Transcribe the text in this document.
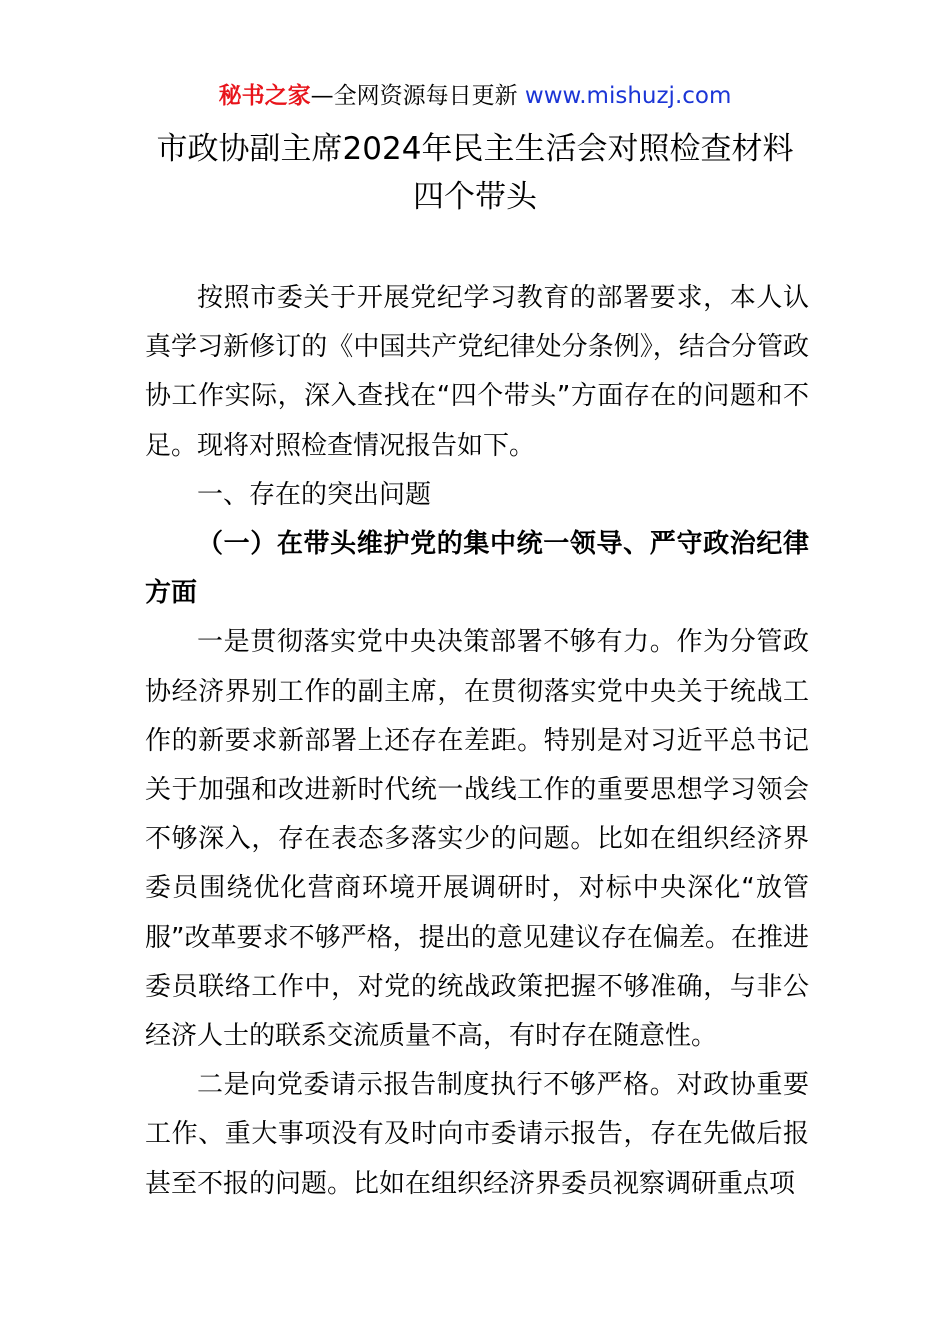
秘书之家—全网资源每日更新 www.mishuzj.com
市政协副主席2024年民主生活会对照检查材料
四个带头

按照市委关于开展党纪学习教育的部署要求，本人认真学习新修订的《中国共产党纪律处分条例》，结合分管政协工作实际，深入查找在“四个带头”方面存在的问题和不足。现将对照检查情况报告如下。

一、存在的突出问题

（一）在带头维护党的集中统一领导、严守政治纪律方面

一是贯彻落实党中央决策部署不够有力。作为分管政协经济界别工作的副主席，在贯彻落实党中央关于统战工作的新要求新部署上还存在差距。特别是对习近平总书记关于加强和改进新时代统一战线工作的重要思想学习领会不够深入，存在表态多落实少的问题。比如在组织经济界委员围绕优化营商环境开展调研时，对标中央深化“放管服”改革要求不够严格，提出的意见建议存在偏差。在推进委员联络工作中，对党的统战政策把握不够准确，与非公经济人士的联系交流质量不高，有时存在随意性。

二是向党委请示报告制度执行不够严格。对政协重要工作、重大事项没有及时向市委请示报告，存在先做后报甚至不报的问题。比如在组织经济界委员视察调研重点项
